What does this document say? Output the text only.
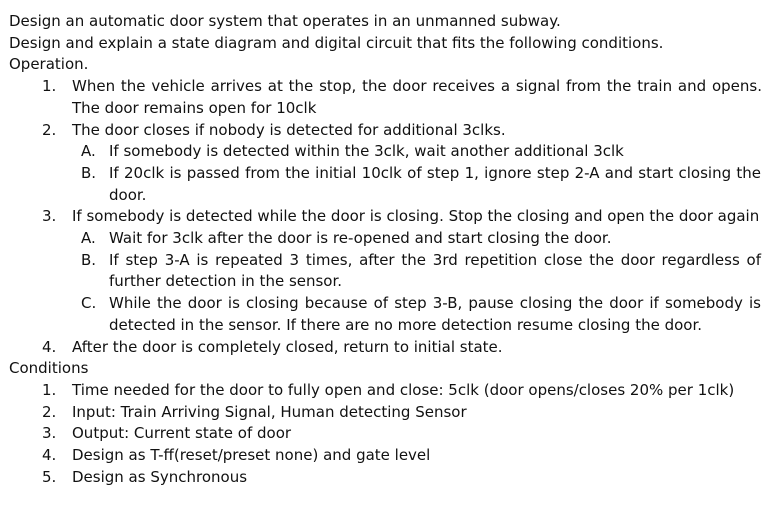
Design an automatic door system that operates in an unmanned subway.
Design and explain a state diagram and digital circuit that fits the following conditions.
Operation.
1.	When the vehicle arrives at the stop, the door receives a signal from the train and opens. The door remains open for 10clk
2.	The door closes if nobody is detected for additional 3clks.
A. If somebody is detected within the 3clk, wait another additional 3clk
B. If 20clk is passed from the initial 10clk of step 1, ignore step 2-A and start closing the door.
3.	If somebody is detected while the door is closing. Stop the closing and open the door again
A. Wait for 3clk after the door is re-opened and start closing the door.
B. If step 3-A is repeated 3 times, after the 3rd repetition close the door regardless of further detection in the sensor.
C. While the door is closing because of step 3-B, pause closing the door if somebody is detected in the sensor. If there are no more detection resume closing the door.
4.	After the door is completely closed, return to initial state.
Conditions
1.	Time needed for the door to fully open and close: 5clk (door opens/closes 20% per 1clk)
2.	Input: Train Arriving Signal, Human detecting Sensor
3.	Output: Current state of door
4.	Design as T-ff(reset/preset none) and gate level
5.	Design as Synchronous
